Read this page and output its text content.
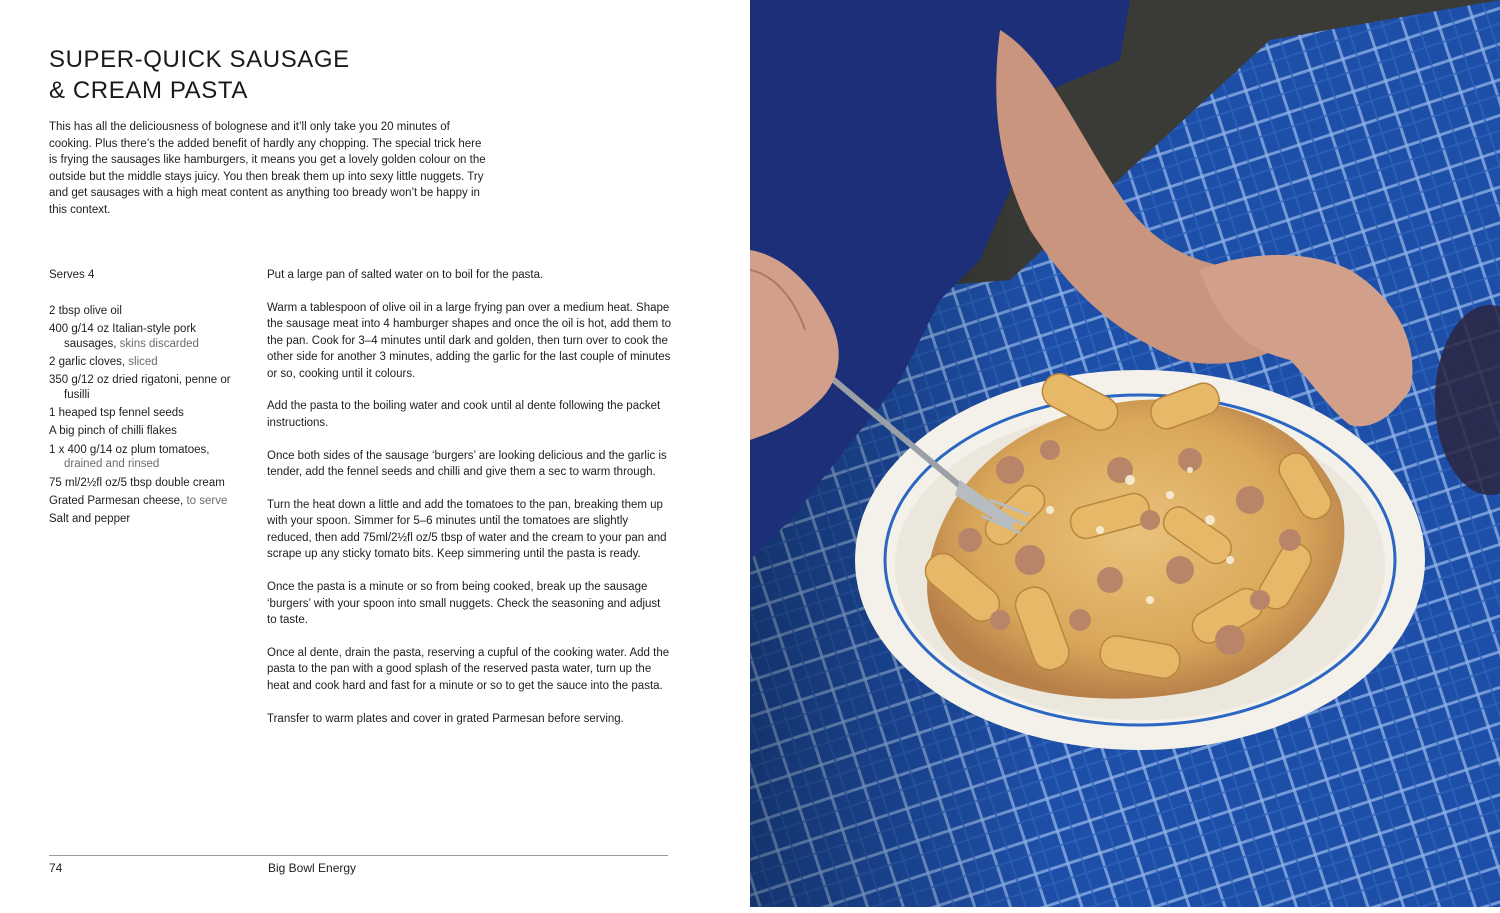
SUPER-QUICK SAUSAGE
& CREAM PASTA

This has all the deliciousness of bolognese and it’ll only take you 20 minutes of cooking. Plus there’s the added benefit of hardly any chopping. The special trick here is frying the sausages like hamburgers, it means you get a lovely golden colour on the outside but the middle stays juicy. You then break them up into sexy little nuggets. Try and get sausages with a high meat content as anything too bready won’t be happy in this context.

Serves 4

2 tbsp olive oil
400 g/14 oz Italian-style pork sausages, skins discarded
2 garlic cloves, sliced
350 g/12 oz dried rigatoni, penne or fusilli
1 heaped tsp fennel seeds
A big pinch of chilli flakes
1 x 400 g/14 oz plum tomatoes, drained and rinsed
75 ml/2½fl oz/5 tbsp double cream
Grated Parmesan cheese, to serve
Salt and pepper

Put a large pan of salted water on to boil for the pasta.

Warm a tablespoon of olive oil in a large frying pan over a medium heat. Shape the sausage meat into 4 hamburger shapes and once the oil is hot, add them to the pan. Cook for 3–4 minutes until dark and golden, then turn over to cook the other side for another 3 minutes, adding the garlic for the last couple of minutes or so, cooking until it colours.

Add the pasta to the boiling water and cook until al dente following the packet instructions.

Once both sides of the sausage ‘burgers’ are looking delicious and the garlic is tender, add the fennel seeds and chilli and give them a sec to warm through.

Turn the heat down a little and add the tomatoes to the pan, breaking them up with your spoon. Simmer for 5–6 minutes until the tomatoes are slightly reduced, then add 75ml/2½fl oz/5 tbsp of water and the cream to your pan and scrape up any sticky tomato bits. Keep simmering until the pasta is ready.

Once the pasta is a minute or so from being cooked, break up the sausage ‘burgers’ with your spoon into small nuggets. Check the seasoning and adjust to taste.

Once al dente, drain the pasta, reserving a cupful of the cooking water. Add the pasta to the pan with a good splash of the reserved pasta water, turn up the heat and cook hard and fast for a minute or so to get the sauce into the pasta.

Transfer to warm plates and cover in grated Parmesan before serving.

74	Big Bowl Energy
